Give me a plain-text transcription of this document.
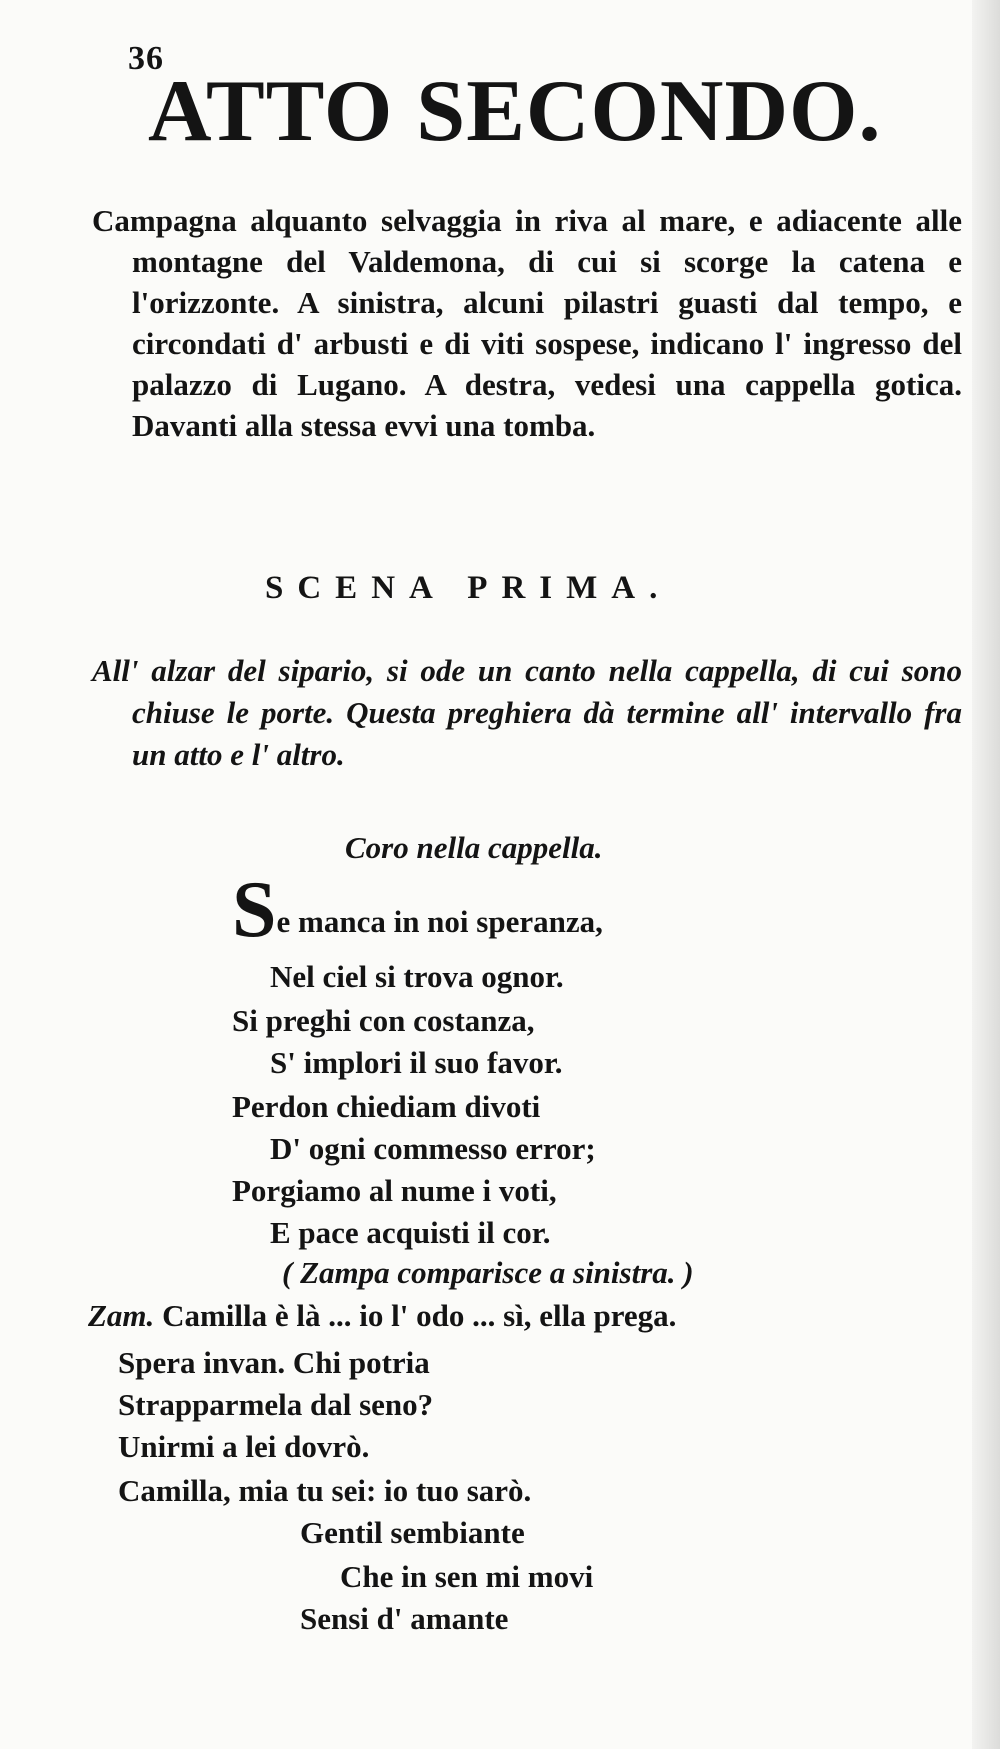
36
ATTO SECONDO.
Campagna alquanto selvaggia in riva al mare, e adiacente alle montagne del Valdemona, di cui si scorge la catena e l'orizzonte. A sinistra, alcuni pilastri guasti dal tempo, e circondati d' arbusti e di viti sospese, indicano l' ingresso del palazzo di Lugano. A destra, vedesi una cappella gotica. Davanti alla stessa evvi una tomba.
SCENA PRIMA.
All' alzar del sipario, si ode un canto nella cappella, di cui sono chiuse le porte. Questa preghiera dà termine all' intervallo fra un atto e l' altro.
Coro nella cappella.
Se manca in noi speranza,
Nel ciel si trova ognor.
Si preghi con costanza,
S' implori il suo favor.
Perdon chiediam divoti
D' ogni commesso error;
Porgiamo al nume i voti,
E pace acquisti il cor.
( Zampa comparisce a sinistra. )
Zam. Camilla è là ... io l' odo ... sì, ella prega.
Spera invan. Chi potria
Strapparmela dal seno?
Unirmi a lei dovrò.
Camilla, mia tu sei: io tuo sarò.
Gentil sembiante
Che in sen mi movi
Sensi d' amante
